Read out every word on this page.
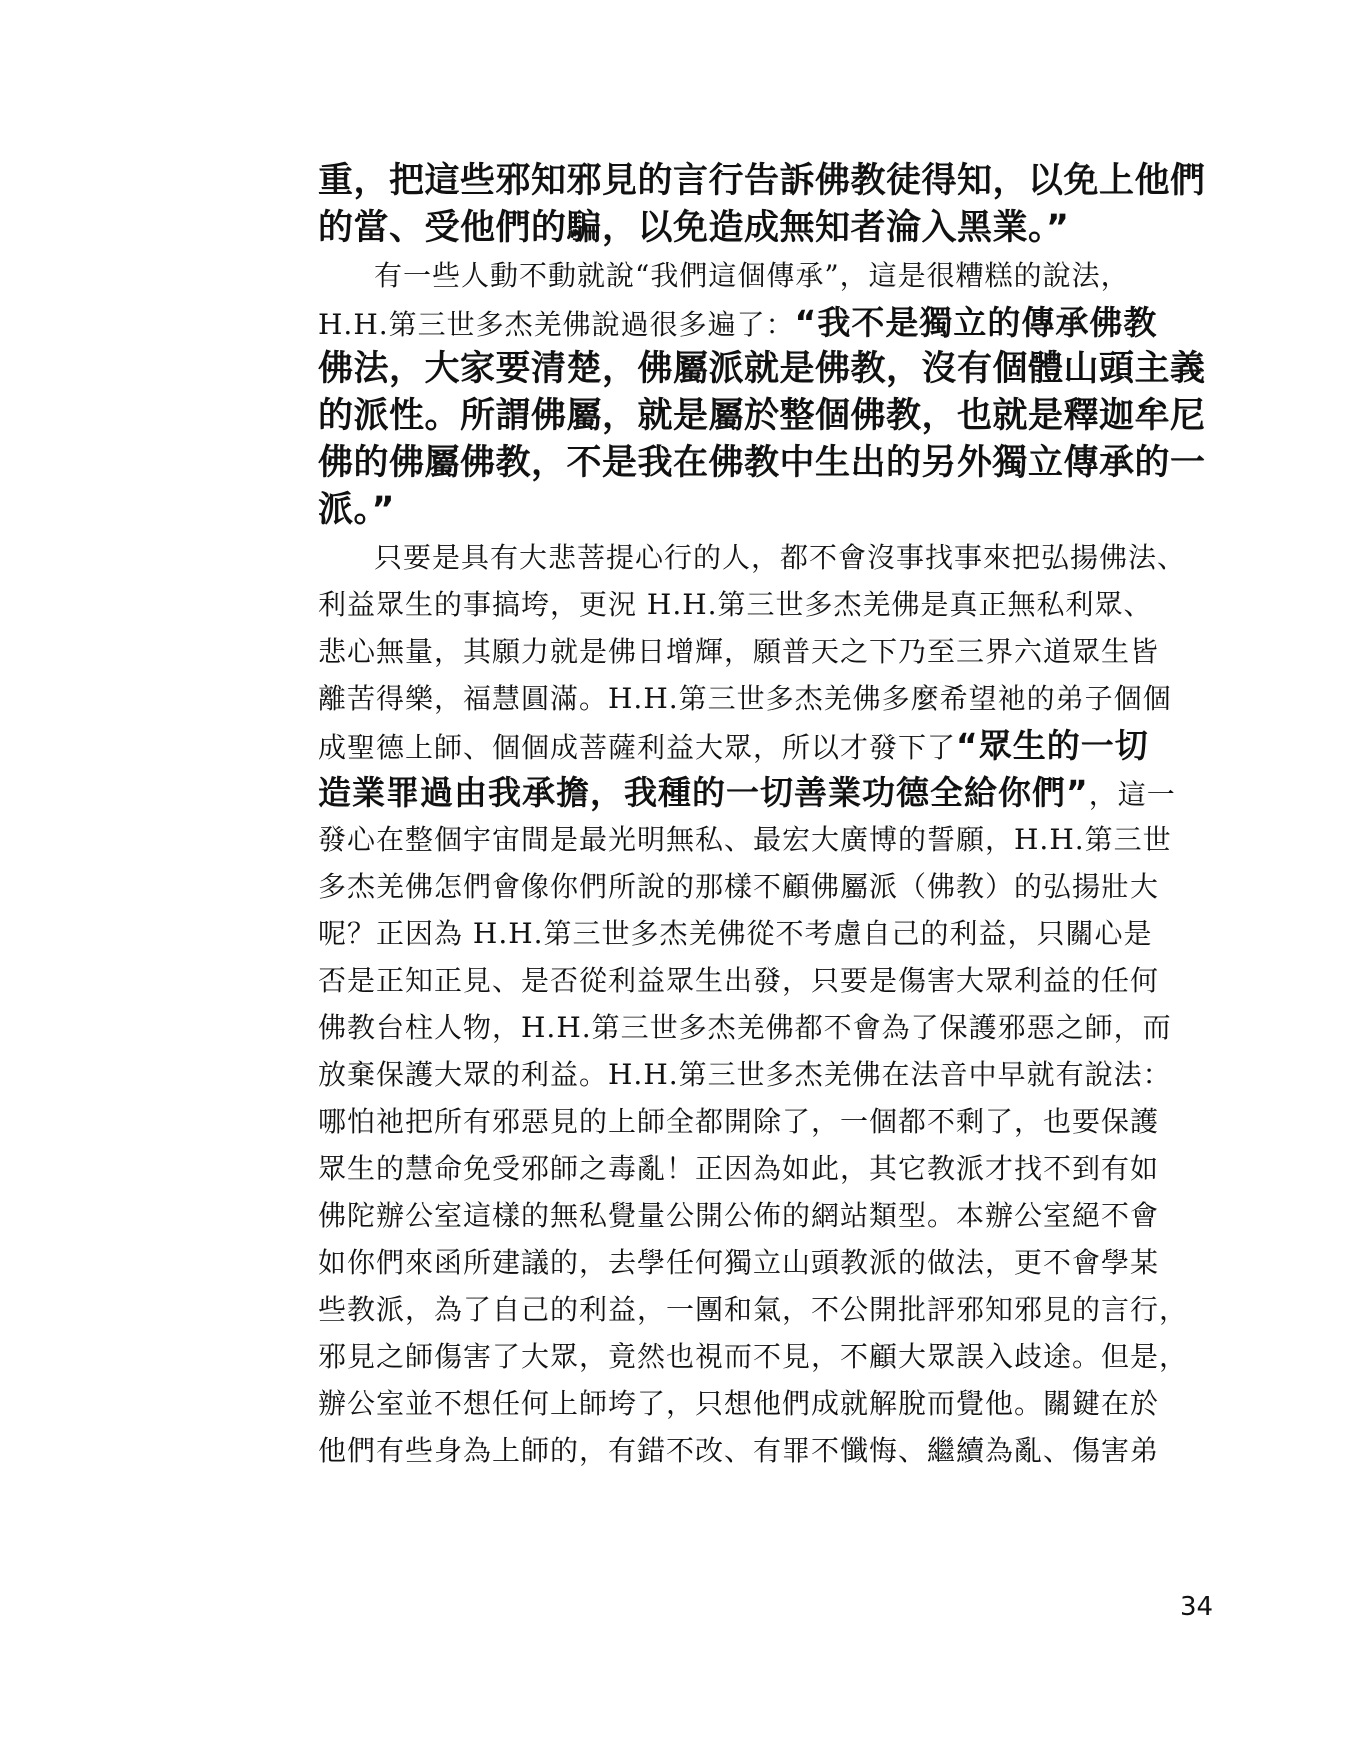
重，把這些邪知邪見的言行告訴佛教徒得知，以免上他們
的當、受他們的騙，以免造成無知者淪入黑業。”
有一些人動不動就說“我們這個傳承”，這是很糟糕的說法，
H.H.第三世多杰羌佛說過很多遍了：“我不是獨立的傳承佛教
佛法，大家要清楚，佛屬派就是佛教，沒有個體山頭主義
的派性。所謂佛屬，就是屬於整個佛教，也就是釋迦牟尼
佛的佛屬佛教，不是我在佛教中生出的另外獨立傳承的一
派。”
只要是具有大悲菩提心行的人，都不會沒事找事來把弘揚佛法、
利益眾生的事搞垮，更況 H.H.第三世多杰羌佛是真正無私利眾、
悲心無量，其願力就是佛日增輝，願普天之下乃至三界六道眾生皆
離苦得樂，福慧圓滿。H.H.第三世多杰羌佛多麼希望祂的弟子個個
成聖德上師、個個成菩薩利益大眾，所以才發下了“眾生的一切
造業罪過由我承擔，我種的一切善業功德全給你們”，這一
發心在整個宇宙間是最光明無私、最宏大廣博的誓願，H.H.第三世
多杰羌佛怎們會像你們所說的那樣不顧佛屬派（佛教）的弘揚壯大
呢？正因為 H.H.第三世多杰羌佛從不考慮自己的利益，只關心是
否是正知正見、是否從利益眾生出發，只要是傷害大眾利益的任何
佛教台柱人物，H.H.第三世多杰羌佛都不會為了保護邪惡之師，而
放棄保護大眾的利益。H.H.第三世多杰羌佛在法音中早就有說法：
哪怕祂把所有邪惡見的上師全都開除了，一個都不剩了，也要保護
眾生的慧命免受邪師之毒亂！正因為如此，其它教派才找不到有如
佛陀辦公室這樣的無私覺量公開公佈的網站類型。本辦公室絕不會
如你們來函所建議的，去學任何獨立山頭教派的做法，更不會學某
些教派，為了自己的利益，一團和氣，不公開批評邪知邪見的言行，
邪見之師傷害了大眾，竟然也視而不見，不顧大眾誤入歧途。但是，
辦公室並不想任何上師垮了，只想他們成就解脫而覺他。關鍵在於
他們有些身為上師的，有錯不改、有罪不懺悔、繼續為亂、傷害弟
34
